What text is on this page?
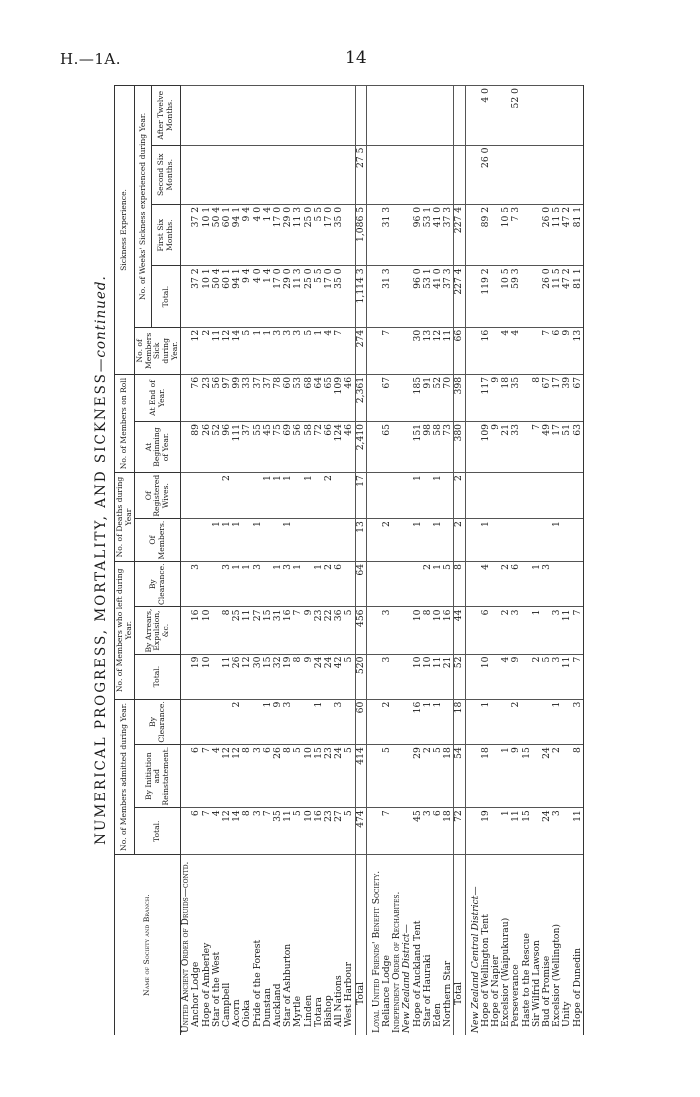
H.—1A.	14
NUMERICAL PROGRESS, MORTALITY, AND SICKNESS—continued.
Name of Society and Branch.	No. of Members admitted during Year.			No. of Members who left during Year.			No. of Deaths during Year		No. of Members on Roll		Sickness Experience.				
	Total.	By Initiation and Reinstatement.	By Clearance.	Total.	By Arrears, Expulsion, &c.	By Clearance.	Of Members.	Of Registered Wives.	At Beginning of Year.	At End of Year.	No. of Members Sick during Year.	No. of Weeks' Sickness experienced during Year.			
												Total.	First Six Months.	Second Six Months.	After Twelve Months.
United Ancient Order of Druids—contd.															
Anchor Lodge	6	6		19	16	3			89	76	12	37 2	37 2		
Hope of Amberley	7	7		10	10				26	23	2	10 1	10 1		
Star of the West	4	4					1		52	56	11	50 4	50 4		
Campbell	12	12		11	8	3	1	2	96	97	12	60 1	60 1		
Acorn	14	12	2	26	25	1	1		111	99	14	94 1	94 1		
Oioka	8	8		12	11	1			37	33	5	9 4	9 4		
Pride of the Forest	3	3		30	27	3	1		55	37	1	4 0	4 0		
Dunstan	7	6	1	15	15			1	45	37	1	1 4	1 4		
Auckland	35	26	9	32	31	1		1	75	78	3	17 0	17 0		
Star of Ashburton	11	8	3	19	16	3	1	1	69	60	3	29 0	29 0		
Myrtle	5	5		8	7	1			56	53	3	11 3	11 3		
Linden	10	10		9	9			1	58	68	5	25 0	25 0		
Totara	16	15	1	24	23	1			72	64	1	5 5	5 5		
Bishop	23	23		24	22	2		2	66	65	4	17 0	17 0		
All Nations	27	24	3	42	36	6			124	109	7	35 0	35 0		
West Harbour	5	5		5	5				46	46					
Total	474	414	60	520	456	64	13	17	2,410	2,361	274	1,114 3	1,086 5	27 5	

Loyal United Friends' Benefit Society.															
Reliance Lodge	7	5	2	3	3		2		65	67	7	31 3	31 3		
Independent Order of Rechabites.															
New Zealand District—															
Hope of Auckland Tent	45	29	16	10	10		1	1	151	185	30	96 0	96 0		
Star of Hauraki	3	2	1	10	8	2			98	91	13	53 1	53 1		
Eden	6	5	1	11	10	1	1	1	58	52	12	41 0	41 0		
Northern Star	18	18		21	16	5			73	70	11	37 3	37 3		
Total	72	54	18	52	44	8	2	2	380	398	66	227 4	227 4		

New Zealand Central District—															
Hope of Wellington Tent	19	18	1	10	6	4	1		109	117	16	119 2	89 2	26 0	4 0
Hope of Napier									9	9					
Excelsior (Waipukurau)	1	1		4	2	2			21	18	4	10 5	10 5		
Perseverance	11	9	2	9	3	6			33	35	4	59 3	7 3		52 0
Haste to the Rescue	15	15													
Sir Wilfrid Lawson				2	1	1			7	8					
Bud of Promise	24	24		5		3			49	67	7	26 0	26 0		
Excelsior (Wellington)	3	2	1	3	3		1		17	17	6	11 5	11 5		
Unity				11	11				51	39	9	47 2	47 2		
Hope of Dunedin	11	8	3	7	7				63	67	13	81 1	81 1		
